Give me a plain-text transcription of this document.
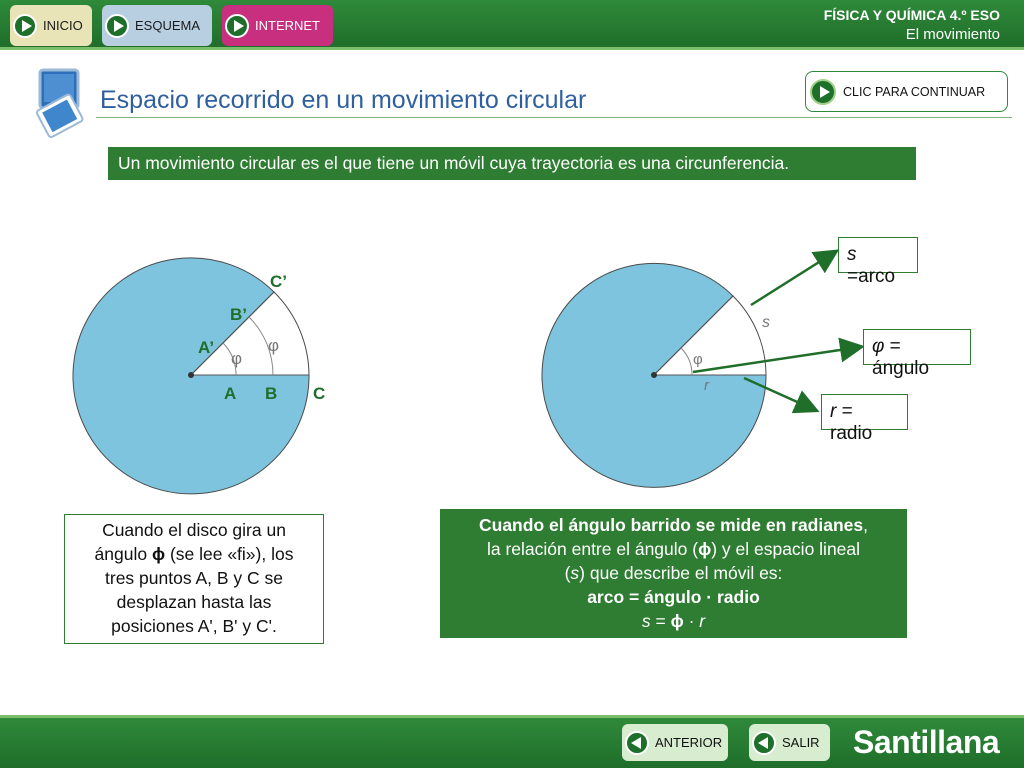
INICIO	ESQUEMA	INTERNET
FÍSICA Y QUÍMICA 4.º ESO
El movimiento
Espacio recorrido en un movimiento circular	CLIC PARA CONTINUAR
Un movimiento circular es el que tiene un móvil cuya trayectoria es una circunferencia.
φ
φ
A B C
A’
B’
C’
φ
s
r
s =arco
φ = ángulo
r = radio
Cuando el disco gira un
ángulo ϕ (se lee «fi»), los
tres puntos A, B y C se
desplazan hasta las
posiciones A', B' y C'.
Cuando el ángulo barrido se mide en radianes,
la relación entre el ángulo (ϕ) y el espacio lineal
(s) que describe el móvil es:
arco = ángulo · radio
s = ϕ · r
ANTERIOR	SALIR Santillana
